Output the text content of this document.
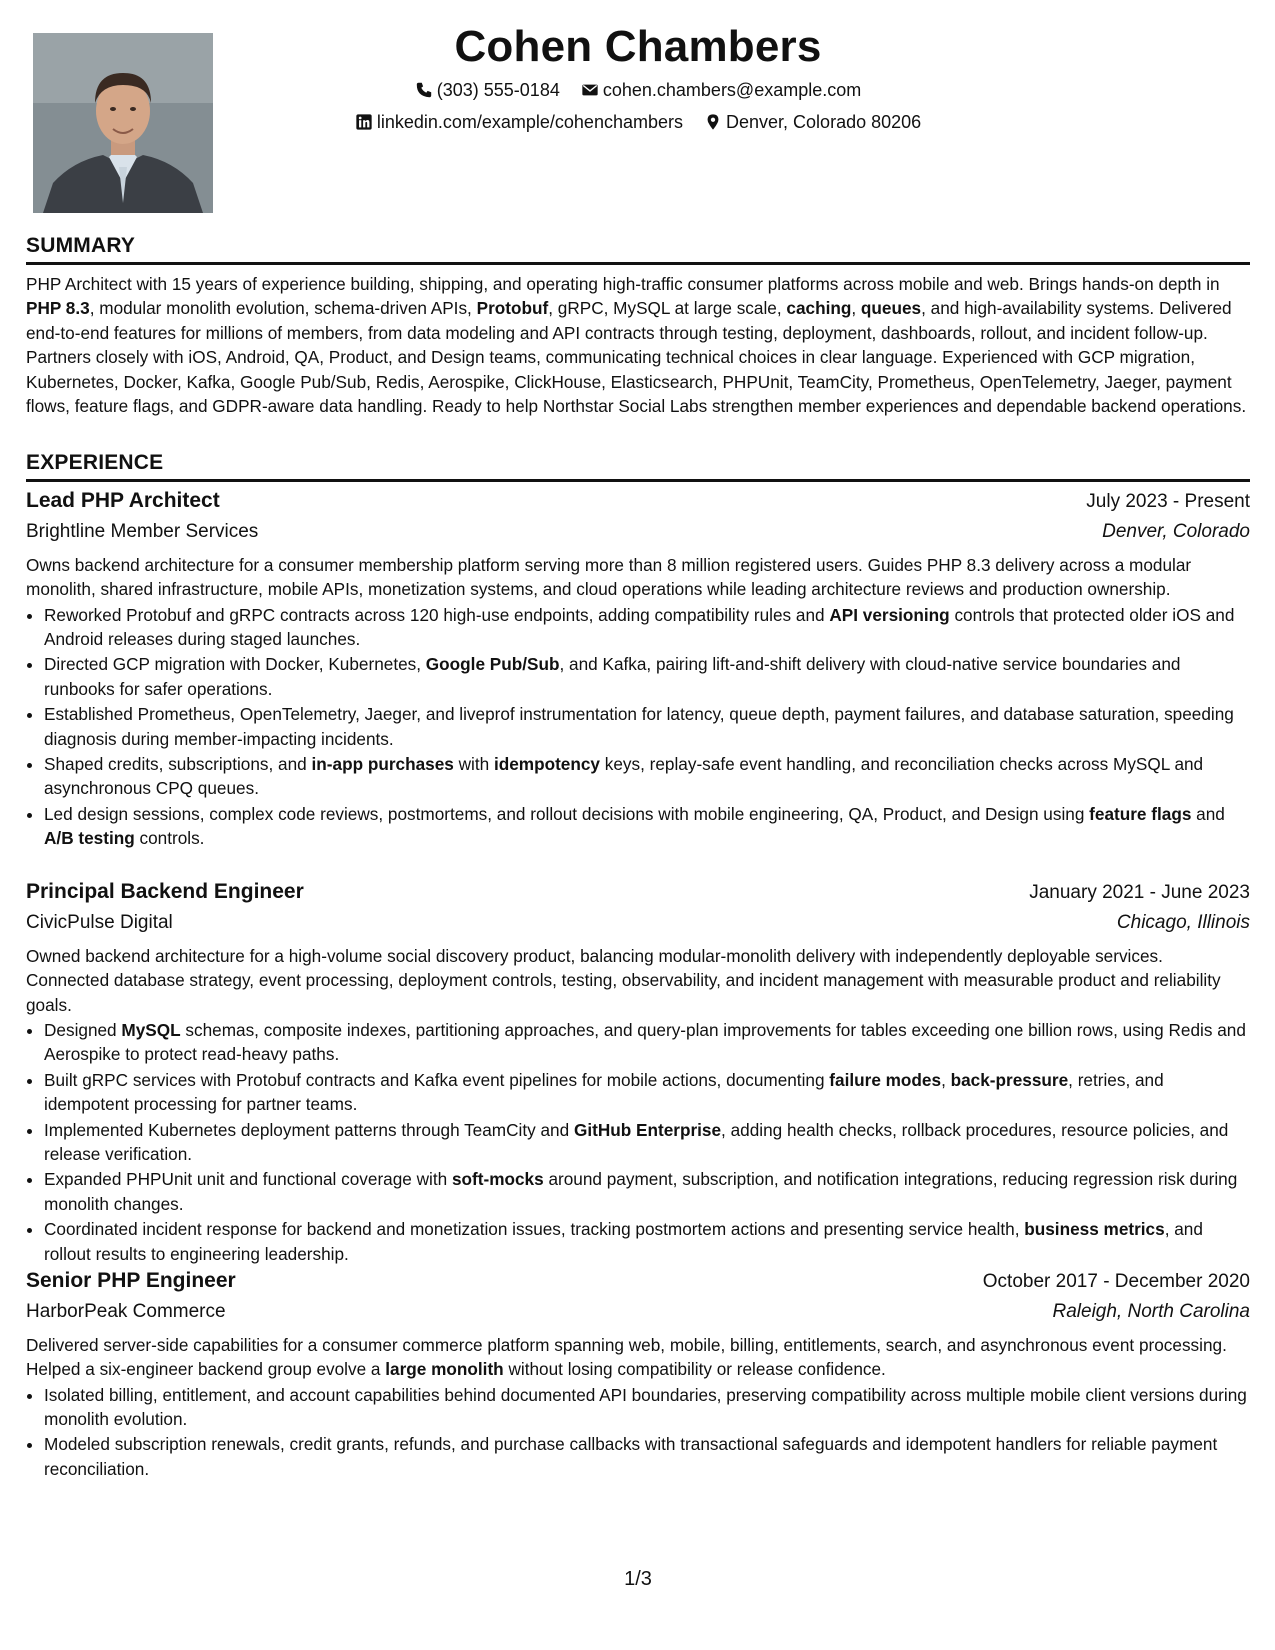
Cohen Chambers
(303) 555-0184 cohen.chambers@example.com
linkedin.com/example/cohenchambers Denver, Colorado 80206
SUMMARY

PHP Architect with 15 years of experience building, shipping, and operating high-traffic consumer platforms across mobile and web. Brings hands-on depth in PHP 8.3, modular monolith evolution, schema-driven APIs, Protobuf, gRPC, MySQL at large scale, caching, queues, and high-availability systems. Delivered end-to-end features for millions of members, from data modeling and API contracts through testing, deployment, dashboards, rollout, and incident follow-up. Partners closely with iOS, Android, QA, Product, and Design teams, communicating technical choices in clear language. Experienced with GCP migration, Kubernetes, Docker, Kafka, Google Pub/Sub, Redis, Aerospike, ClickHouse, Elasticsearch, PHPUnit, TeamCity, Prometheus, OpenTelemetry, Jaeger, payment flows, feature flags, and GDPR-aware data handling. Ready to help Northstar Social Labs strengthen member experiences and dependable backend operations.

EXPERIENCE
Lead PHP Architect	July 2023 - Present
Brightline Member Services	Denver, Colorado

Owns backend architecture for a consumer membership platform serving more than 8 million registered users. Guides PHP 8.3 delivery across a modular monolith, shared infrastructure, mobile APIs, monetization systems, and cloud operations while leading architecture reviews and production ownership.

• Reworked Protobuf and gRPC contracts across 120 high-use endpoints, adding compatibility rules and API versioning controls that protected older iOS and Android releases during staged launches.
• Directed GCP migration with Docker, Kubernetes, Google Pub/Sub, and Kafka, pairing lift-and-shift delivery with cloud-native service boundaries and runbooks for safer operations.
• Established Prometheus, OpenTelemetry, Jaeger, and liveprof instrumentation for latency, queue depth, payment failures, and database saturation, speeding diagnosis during member-impacting incidents.
• Shaped credits, subscriptions, and in-app purchases with idempotency keys, replay-safe event handling, and reconciliation checks across MySQL and asynchronous CPQ queues.
• Led design sessions, complex code reviews, postmortems, and rollout decisions with mobile engineering, QA, Product, and Design using feature flags and A/B testing controls.
Principal Backend Engineer	January 2021 - June 2023
CivicPulse Digital	Chicago, Illinois

Owned backend architecture for a high-volume social discovery product, balancing modular-monolith delivery with independently deployable services. Connected database strategy, event processing, deployment controls, testing, observability, and incident management with measurable product and reliability goals.

• Designed MySQL schemas, composite indexes, partitioning approaches, and query-plan improvements for tables exceeding one billion rows, using Redis and Aerospike to protect read-heavy paths.
• Built gRPC services with Protobuf contracts and Kafka event pipelines for mobile actions, documenting failure modes, back-pressure, retries, and idempotent processing for partner teams.
• Implemented Kubernetes deployment patterns through TeamCity and GitHub Enterprise, adding health checks, rollback procedures, resource policies, and release verification.
• Expanded PHPUnit unit and functional coverage with soft-mocks around payment, subscription, and notification integrations, reducing regression risk during monolith changes.
• Coordinated incident response for backend and monetization issues, tracking postmortem actions and presenting service health, business metrics, and rollout results to engineering leadership.
Senior PHP Engineer	October 2017 - December 2020
HarborPeak Commerce	Raleigh, North Carolina

Delivered server-side capabilities for a consumer commerce platform spanning web, mobile, billing, entitlements, search, and asynchronous event processing. Helped a six-engineer backend group evolve a large monolith without losing compatibility or release confidence.

• Isolated billing, entitlement, and account capabilities behind documented API boundaries, preserving compatibility across multiple mobile client versions during monolith evolution.
• Modeled subscription renewals, credit grants, refunds, and purchase callbacks with transactional safeguards and idempotent handlers for reliable payment reconciliation.
1/3
